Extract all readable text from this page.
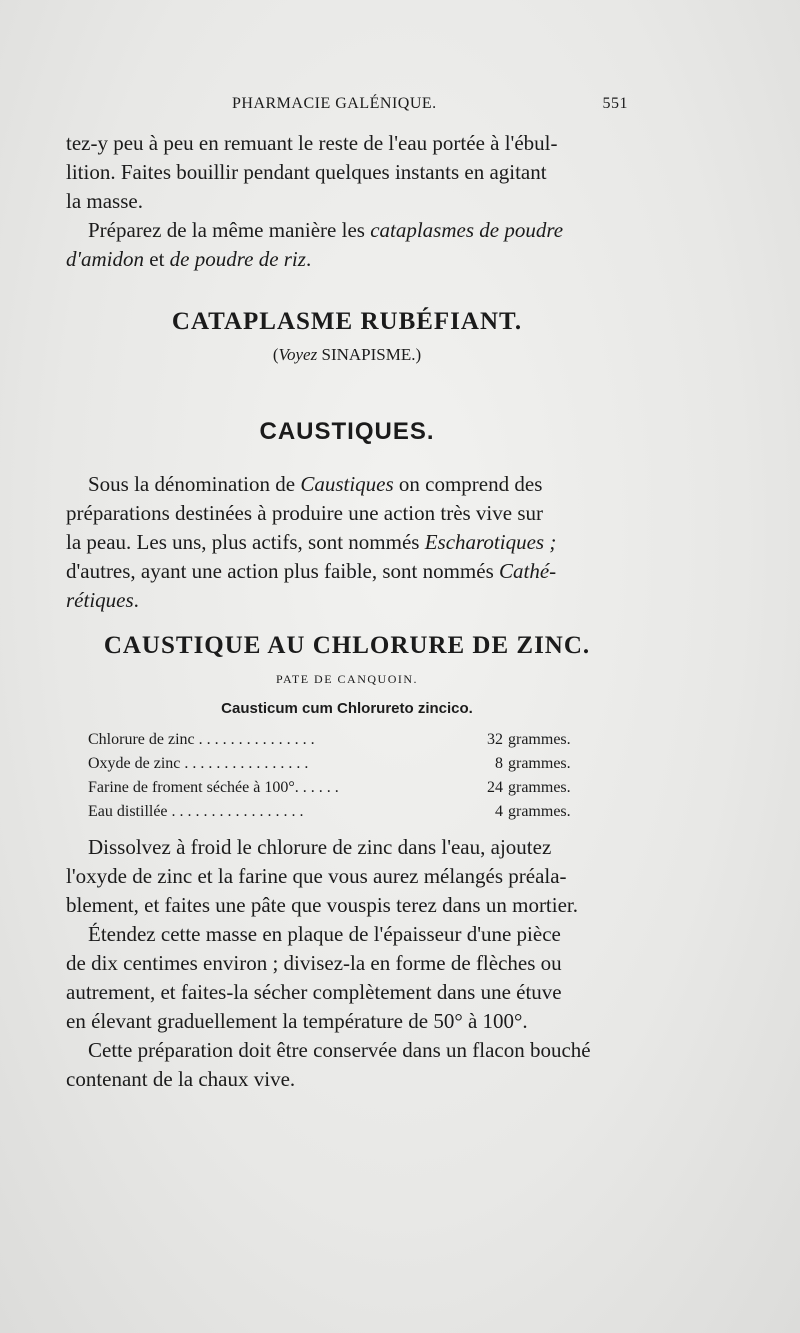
PHARMACIE GALÉNIQUE.	551
tez-y peu à peu en remuant le reste de l'eau portée à l'ébul-
lition. Faites bouillir pendant quelques instants en agitant
la masse.
Préparez de la même manière les cataplasmes de poudre
d'amidon et de poudre de riz.
CATAPLASME RUBÉFIANT.
(Voyez SINAPISME.)
CAUSTIQUES.
Sous la dénomination de Caustiques on comprend des
préparations destinées à produire une action très vive sur
la peau. Les uns, plus actifs, sont nommés Escharotiques ;
d'autres, ayant une action plus faible, sont nommés Cathé-
rétiques.
CAUSTIQUE AU CHLORURE DE ZINC.
PATE DE CANQUOIN.
Causticum cum Chlorureto zincico.
Chlorure de zinc . . . . . . . . . . . . . . .	32 grammes.
Oxyde de zinc . . . . . . . . . . . . . . . .	8 grammes.
Farine de froment séchée à 100°. . . . . .	24 grammes.
Eau distillée . . . . . . . . . . . . . . . . .	4 grammes.
Dissolvez à froid le chlorure de zinc dans l'eau, ajoutez
l'oxyde de zinc et la farine que vous aurez mélangés préala-
blement, et faites une pâte que vouspis terez dans un mortier.
Étendez cette masse en plaque de l'épaisseur d'une pièce
de dix centimes environ ; divisez-la en forme de flèches ou
autrement, et faites-la sécher complètement dans une étuve
en élevant graduellement la température de 50° à 100°.
Cette préparation doit être conservée dans un flacon bouché
contenant de la chaux vive.
